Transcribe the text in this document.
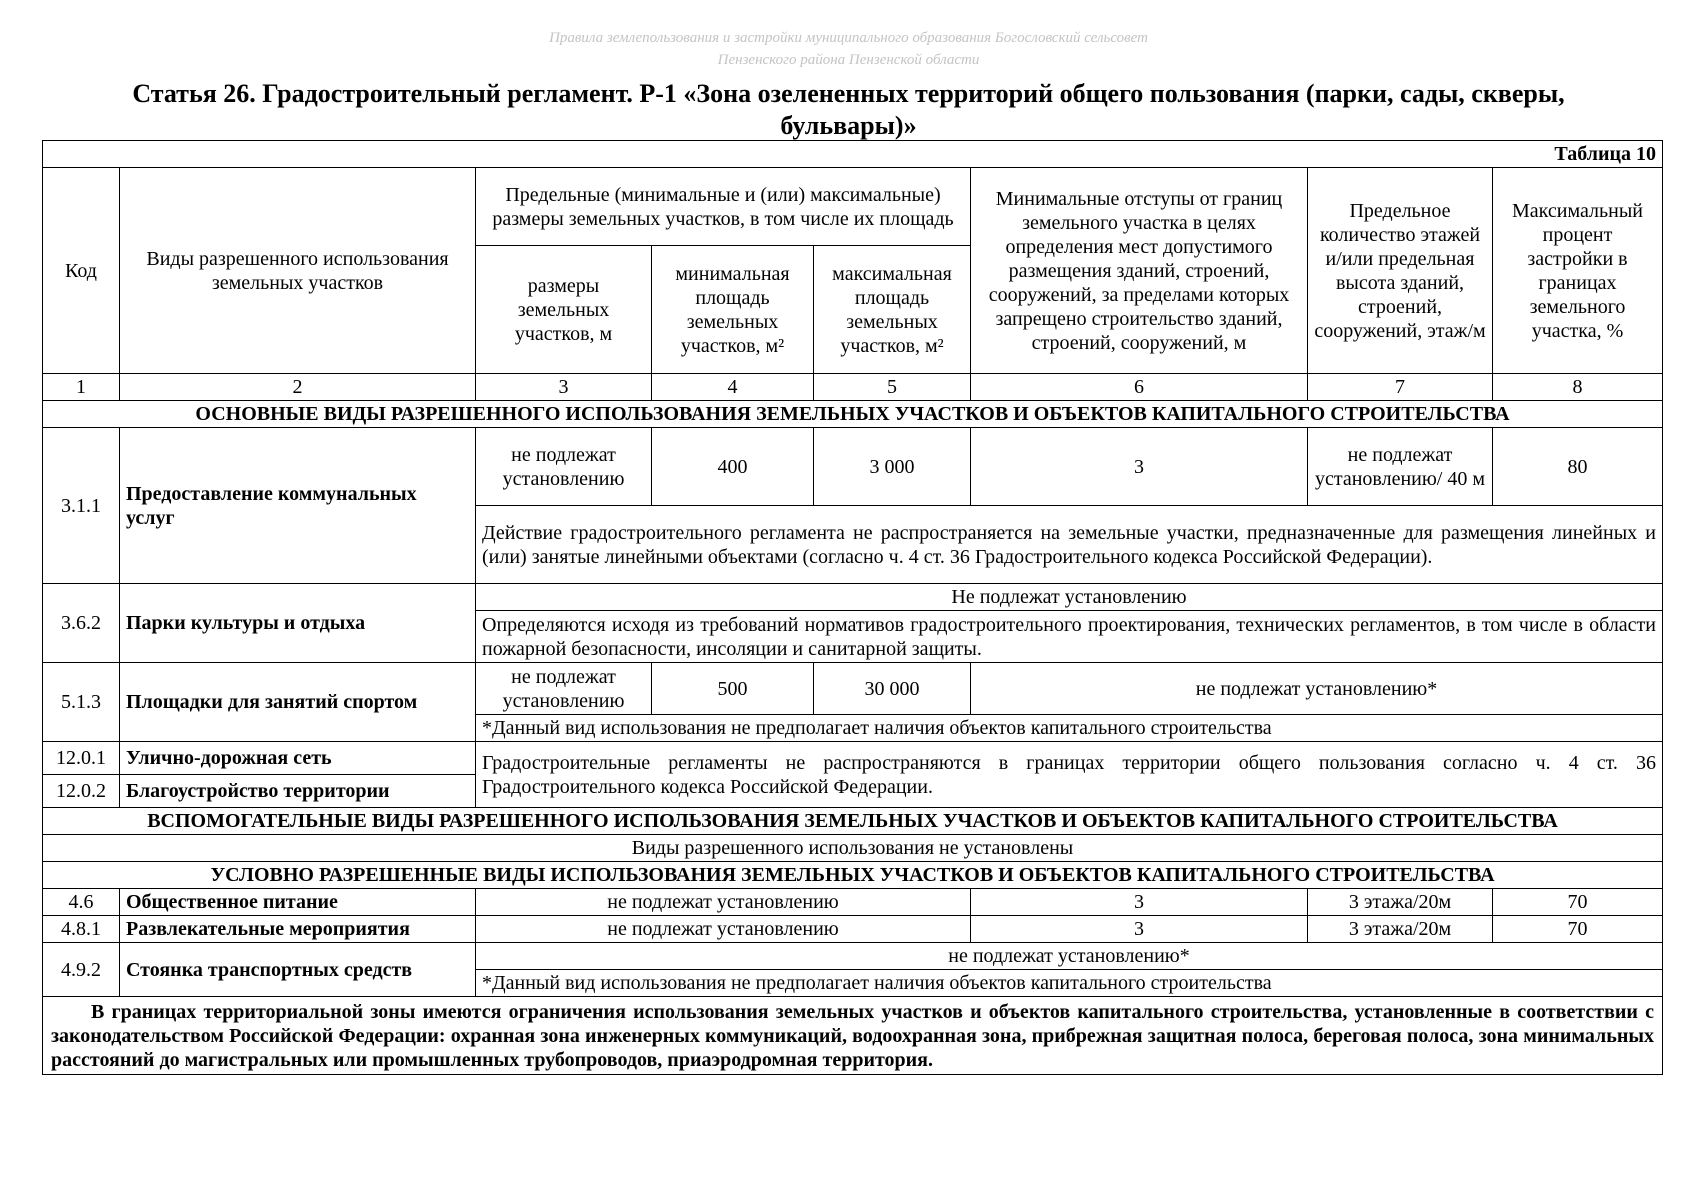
Правила землепользования и застройки муниципального образования Богословский сельсовет
Пензенского района Пензенской области
Статья 26. Градостроительный регламент. Р-1 «Зона озелененных территорий общего пользования (парки, сады, скверы, бульвары)»
Таблица 10							
Код	Виды разрешенного использования земельных участков	Предельные (минимальные и (или) максимальные) размеры земельных участков, в том числе их площадь			Минимальные отступы от границ земельного участка в целях определения мест допустимого размещения зданий, строений, сооружений, за пределами которых запрещено строительство зданий, строений, сооружений, м	Предельное количество этажей и/или предельная высота зданий, строений, сооружений, этаж/м	Максимальный процент застройки в границах земельного участка, %
		размеры земельных участков, м	минимальная площадь земельных участков, м²	максимальная площадь земельных участков, м²			
1	2	3	4	5	6	7	8
ОСНОВНЫЕ ВИДЫ РАЗРЕШЕННОГО ИСПОЛЬЗОВАНИЯ ЗЕМЕЛЬНЫХ УЧАСТКОВ И ОБЪЕКТОВ КАПИТАЛЬНОГО СТРОИТЕЛЬСТВА							
3.1.1	Предоставление коммунальных услуг	не подлежат установлению	400	3 000	3	не подлежат установлению/ 40 м	80
		Действие градостроительного регламента не распространяется на земельные участки, предназначенные для размещения линейных и (или) занятые линейными объектами (согласно ч. 4 ст. 36 Градостроительного кодекса Российской Федерации).					
3.6.2	Парки культуры и отдыха	Не подлежат установлению					
		Определяются исходя из требований нормативов градостроительного проектирования, технических регламентов, в том числе в области пожарной безопасности, инсоляции и санитарной защиты.					
5.1.3	Площадки для занятий спортом	не подлежат установлению	500	30 000	не подлежат установлению*		
		*Данный вид использования не предполагает наличия объектов капитального строительства					
12.0.1	Улично-дорожная сеть	Градостроительные регламенты не распространяются в границах территории общего пользования согласно ч. 4 ст. 36 Градостроительного кодекса Российской Федерации.					
12.0.2	Благоустройство территории						
ВСПОМОГАТЕЛЬНЫЕ ВИДЫ РАЗРЕШЕННОГО ИСПОЛЬЗОВАНИЯ ЗЕМЕЛЬНЫХ УЧАСТКОВ И ОБЪЕКТОВ КАПИТАЛЬНОГО СТРОИТЕЛЬСТВА							
Виды разрешенного использования не установлены							
УСЛОВНО РАЗРЕШЕННЫЕ ВИДЫ ИСПОЛЬЗОВАНИЯ ЗЕМЕЛЬНЫХ УЧАСТКОВ И ОБЪЕКТОВ КАПИТАЛЬНОГО СТРОИТЕЛЬСТВА							
4.6	Общественное питание	не подлежат установлению			3	3 этажа/20м	70
4.8.1	Развлекательные мероприятия	не подлежат установлению			3	3 этажа/20м	70
4.9.2	Стоянка транспортных средств	не подлежат установлению*					
		*Данный вид использования не предполагает наличия объектов капитального строительства					
В границах территориальной зоны имеются ограничения использования земельных участков и объектов капитального строительства, установленные в соответствии с законодательством Российской Федерации: охранная зона инженерных коммуникаций, водоохранная зона, прибрежная защитная полоса, береговая полоса, зона минимальных расстояний до магистральных или промышленных трубопроводов, приаэродромная территория.							
